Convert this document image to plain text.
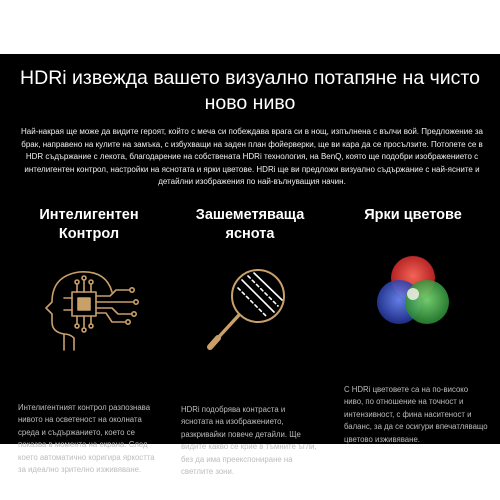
HDRi извежда вашето визуално потапяне на чисто
ново ниво

Най-накрая ще може да видите героят, който с меча си побеждава врага си в нощ, изпълнена с вълчи вой. Предложение за брак, направено на кулите на замъка, с избухващи на заден план фойерверки, ще ви кара да се просълзите. Потопете се в HDR съдържание с лекота, благодарение на собствената HDRi технология, на BenQ, която ще подобри изображението с интелигентен контрол, настройки на яснотата и ярки цветове. HDRi ще ви предложи визуално съдържание с най-ясните и детайлни изображения по най-вълнуващия начин.

Интелигентен
Контрол

Интелигентният контрол разпознава нивото на осветеност на околната среда и съдържанието, което се показва в момента на екрана. След което автоматично коригира яркостта за идеално зрително изживяване.

Зашеметяваща
яснота

HDRi подобрява контраста и яснотата на изображението, разкривайки повече детайли. Ще видите какво се крие в тъмните ъгли, без да има преекспониране на светлите зони.

Ярки цветове

С HDRi цветовете са на по-високо ниво, по отношение на точност и интензивност, с фина наситеност и баланс, за да се осигури впечатляващо цветово изживяване.
